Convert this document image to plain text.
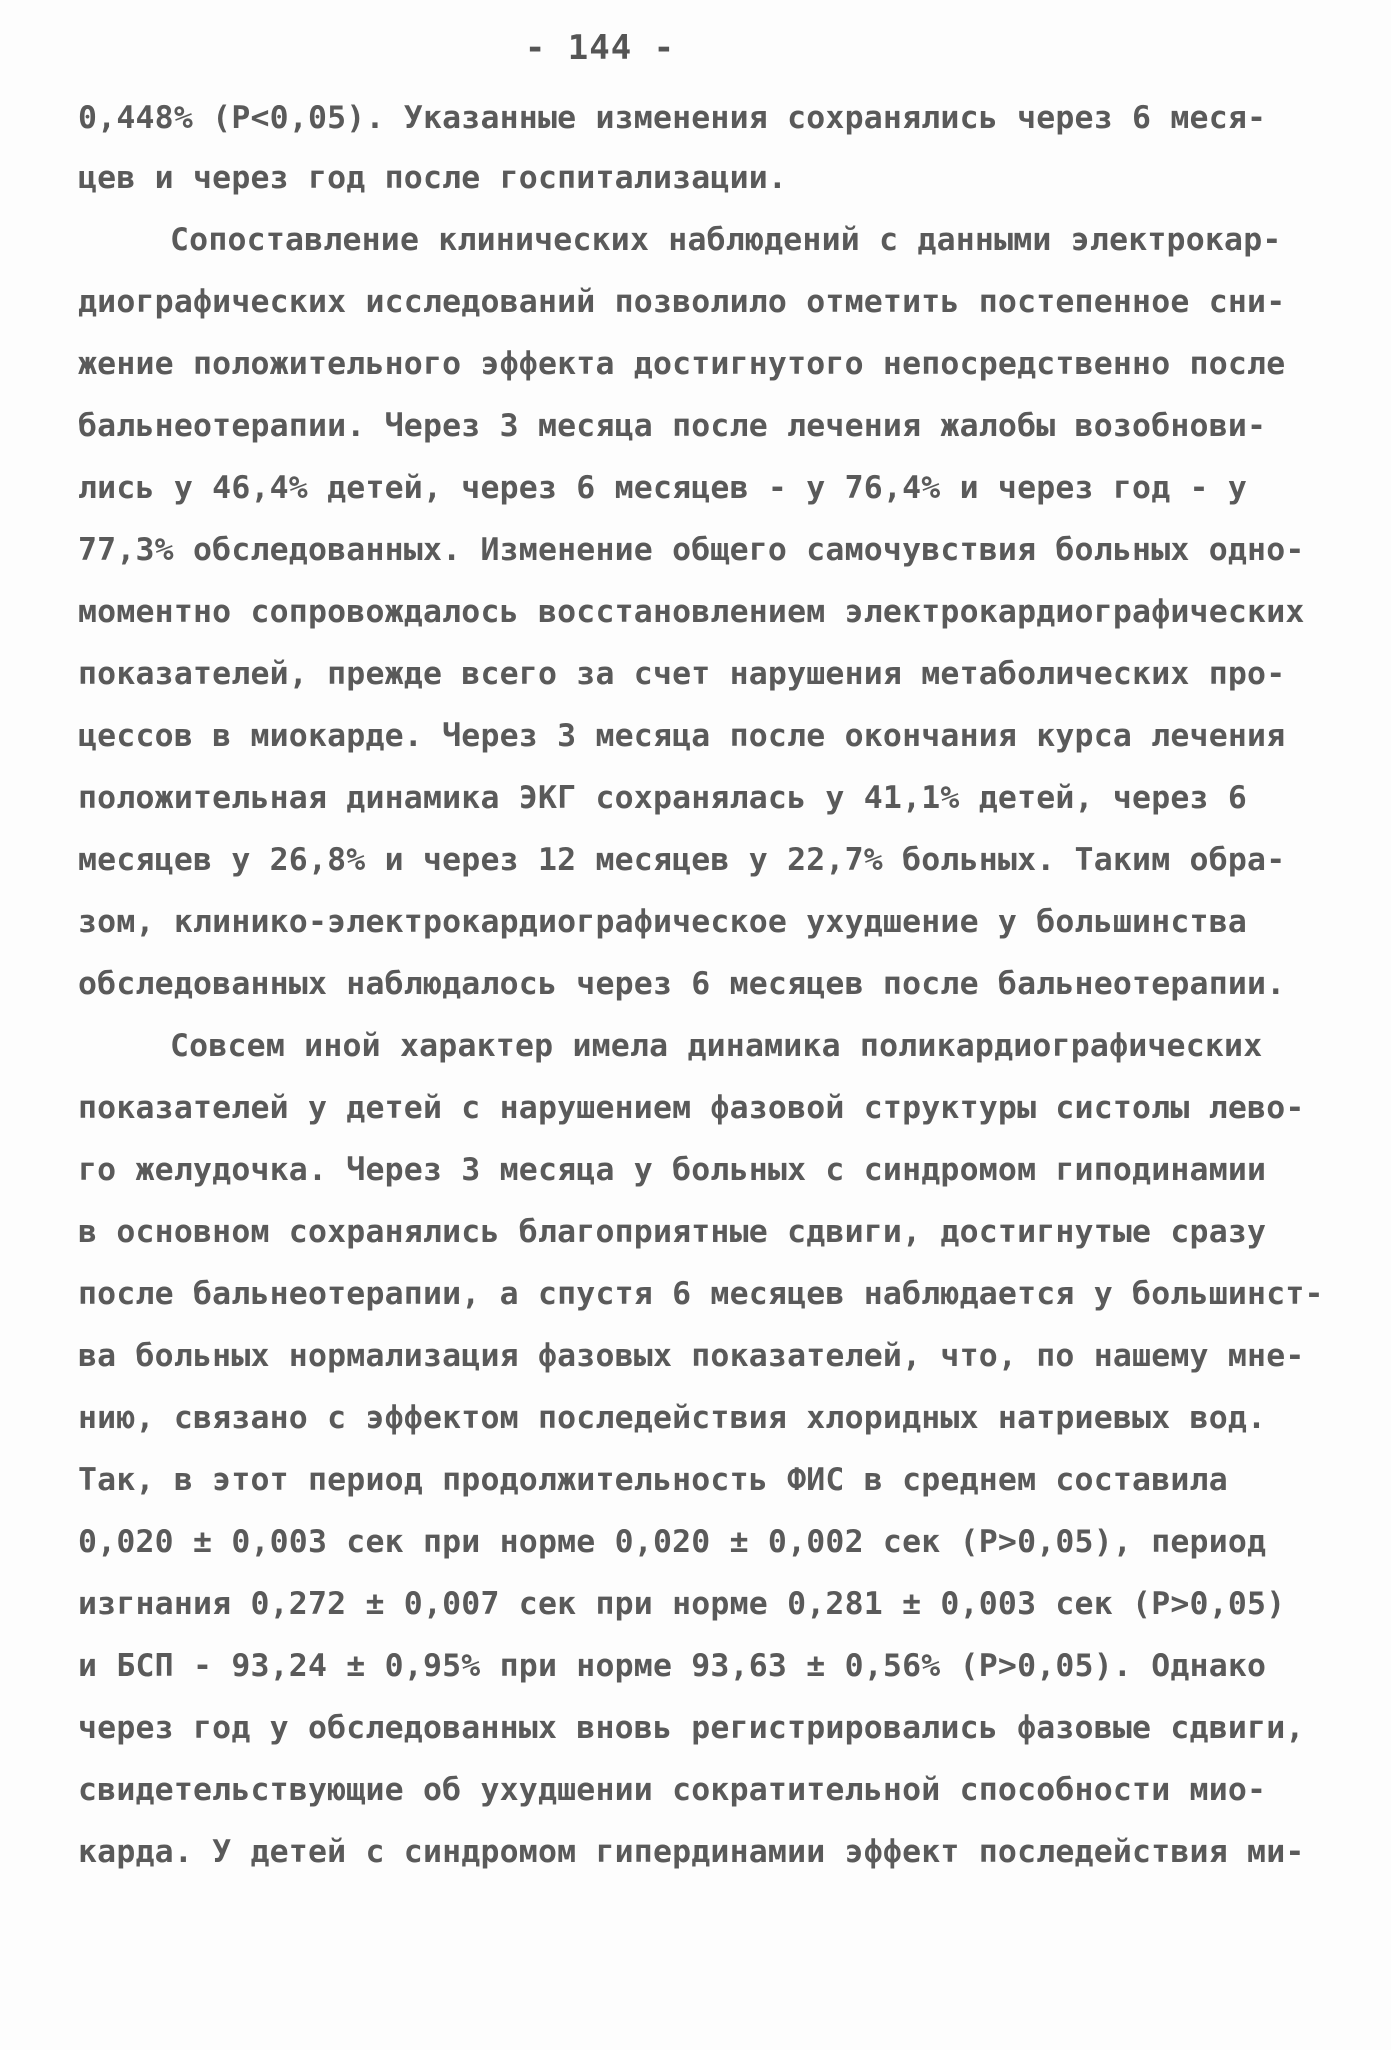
- 144 -
0,448% (Р<0,05). Указанные изменения сохранялись через 6 меся-
цев и через год после госпитализации.
Сопоставление клинических наблюдений с данными электрокар-
диографических исследований позволило отметить постепенное сни-
жение положительного эффекта достигнутого непосредственно после
бальнеотерапии. Через 3 месяца после лечения жалобы возобнови-
лись у 46,4% детей, через 6 месяцев - у 76,4% и через год - у
77,3% обследованных. Изменение общего самочувствия больных одно-
моментно сопровождалось восстановлением электрокардиографических
показателей, прежде всего за счет нарушения метаболических про-
цессов в миокарде. Через 3 месяца после окончания курса лечения
положительная динамика ЭКГ сохранялась у 41,1% детей, через 6
месяцев у 26,8% и через 12 месяцев у 22,7% больных. Таким обра-
зом, клинико-электрокардиографическое ухудшение у большинства
обследованных наблюдалось через 6 месяцев после бальнеотерапии.
Совсем иной характер имела динамика поликардиографических
показателей у детей с нарушением фазовой структуры систолы лево-
го желудочка. Через 3 месяца у больных с синдромом гиподинамии
в основном сохранялись благоприятные сдвиги, достигнутые сразу
после бальнеотерапии, а спустя 6 месяцев наблюдается у большинст-
ва больных нормализация фазовых показателей, что, по нашему мне-
нию, связано с эффектом последействия хлоридных натриевых вод.
Так, в этот период продолжительность ФИС в среднем составила
0,020 ± 0,003 сек при норме 0,020 ± 0,002 сек (Р>0,05), период
изгнания 0,272 ± 0,007 сек при норме 0,281 ± 0,003 сек (Р>0,05)
и БСП - 93,24 ± 0,95% при норме 93,63 ± 0,56% (Р>0,05). Однако
через год у обследованных вновь регистрировались фазовые сдвиги,
свидетельствующие об ухудшении сократительной способности мио-
карда. У детей с синдромом гипердинамии эффект последействия ми-
